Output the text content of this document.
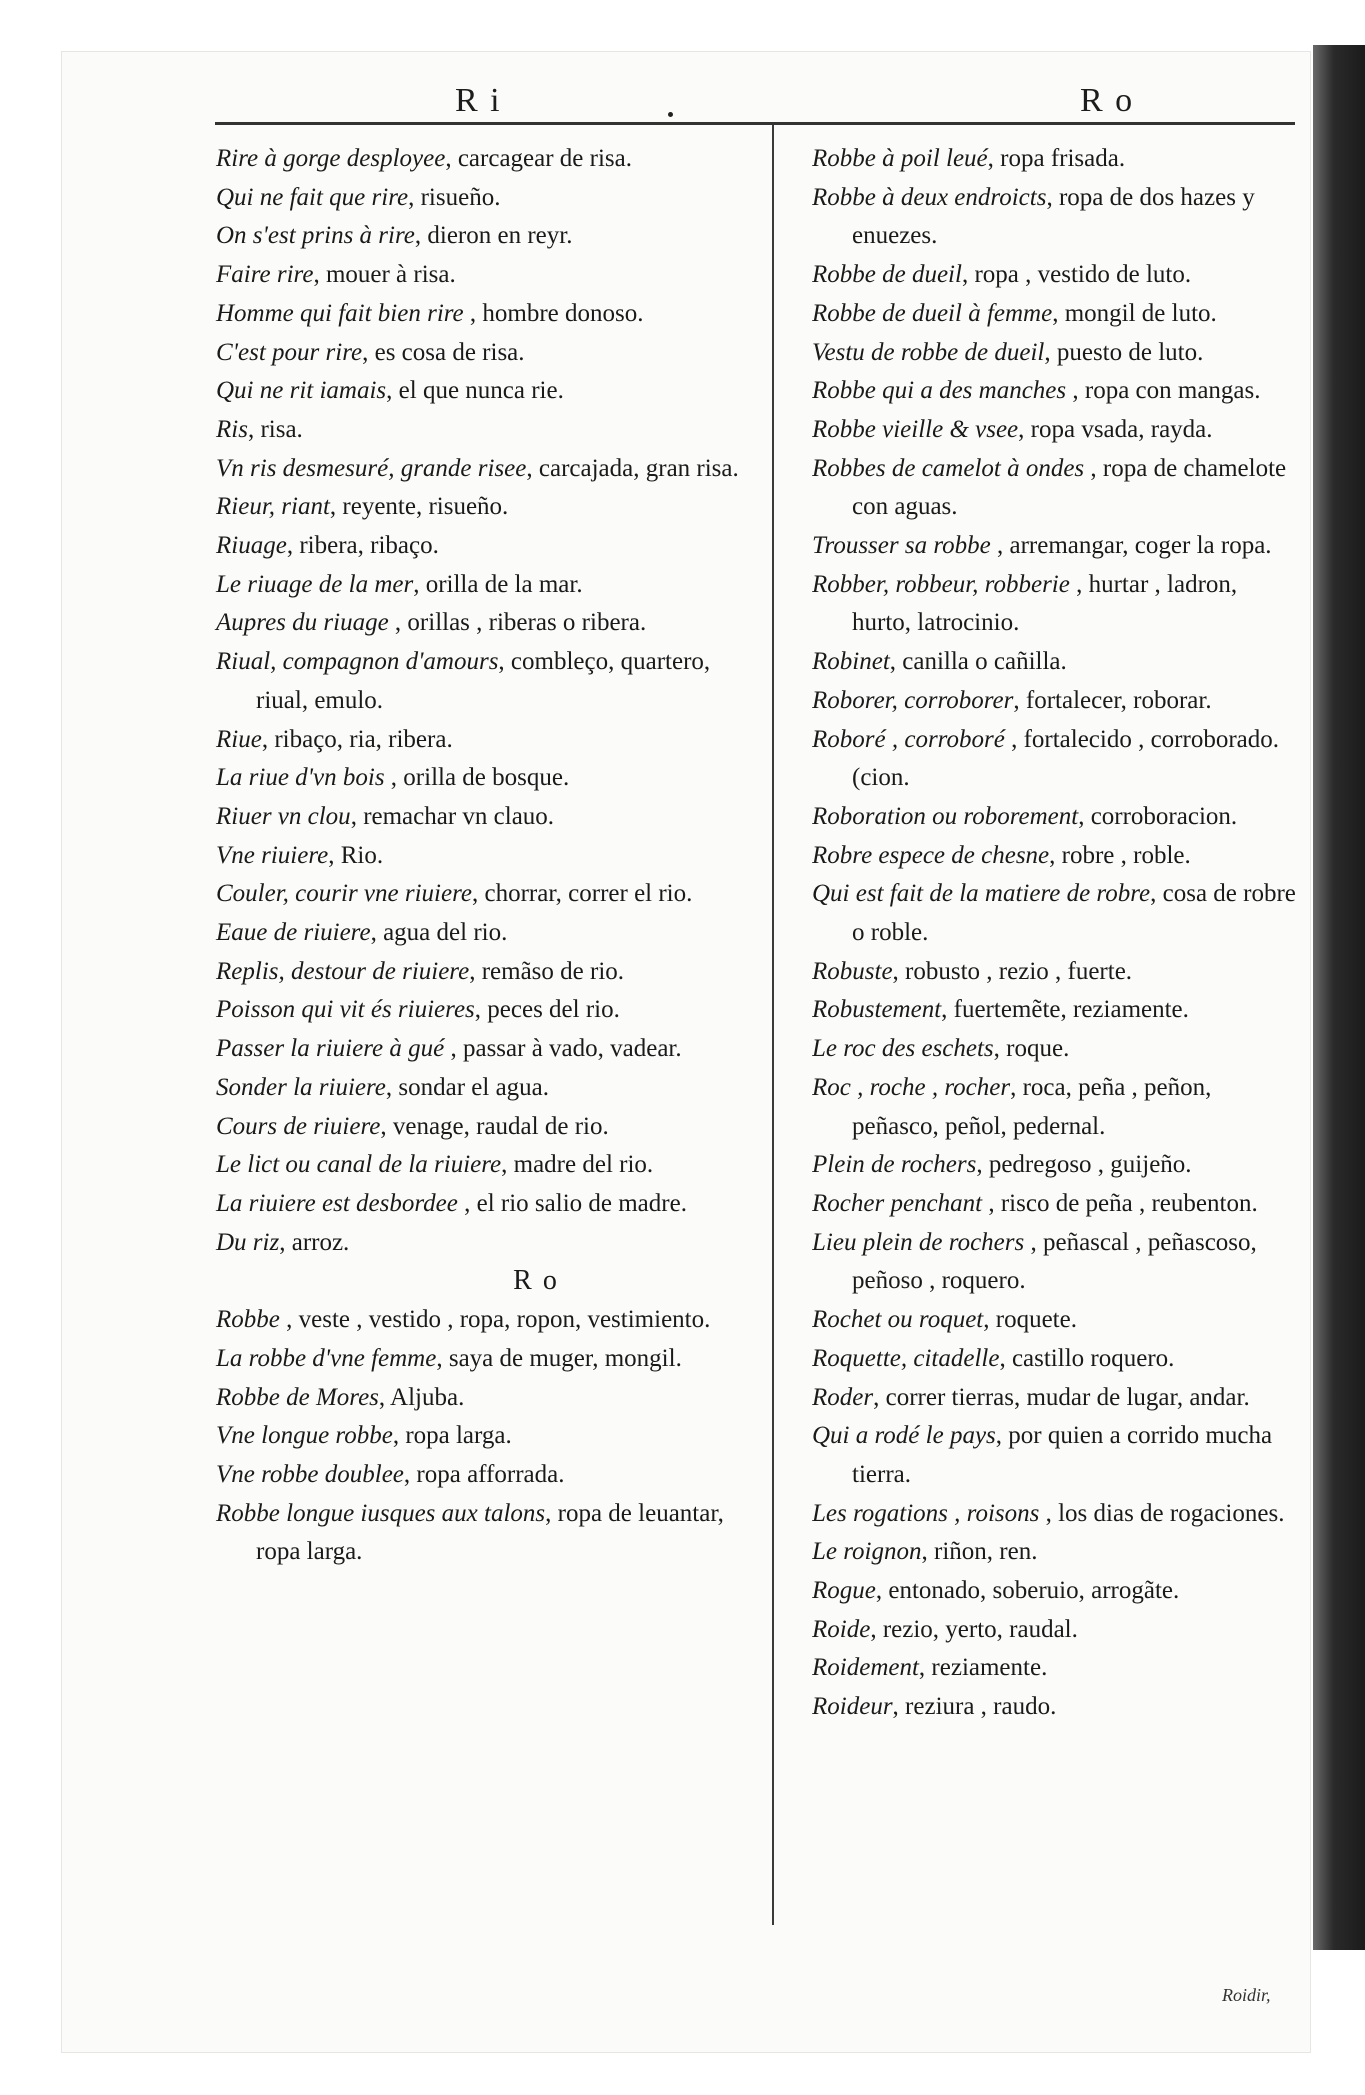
R i	R o

Rire à gorge desployee, carcagear de risa.

Qui ne fait que rire, risueño.

On s'est prins à rire, dieron en reyr.

Faire rire, mouer à risa.

Homme qui fait bien rire , hombre donoso.

C'est pour rire, es cosa de risa.

Qui ne rit iamais, el que nunca rie.

Ris, risa.

Vn ris desmesuré, grande risee, carcajada, gran risa.

Rieur, riant, reyente, risueño.

Riuage, ribera, ribaço.

Le riuage de la mer, orilla de la mar.

Aupres du riuage , orillas , riberas o ribera.

Riual, compagnon d'amours, combleço, quartero, riual, emulo.

Riue, ribaço, ria, ribera.

La riue d'vn bois , orilla de bosque.

Riuer vn clou, remachar vn clauo.

Vne riuiere, Rio.

Couler, courir vne riuiere, chorrar, correr el rio.

Eaue de riuiere, agua del rio.

Replis, destour de riuiere, remãso de rio.

Poisson qui vit és riuieres, peces del rio.

Passer la riuiere à gué , passar à vado, vadear.

Sonder la riuiere, sondar el agua.

Cours de riuiere, venage, raudal de rio.

Le lict ou canal de la riuiere, madre del rio.

La riuiere est desbordee , el rio salio de madre.

Du riz, arroz.

R o

Robbe , veste , vestido , ropa, ropon, vestimiento.

La robbe d'vne femme, saya de muger, mongil.

Robbe de Mores, Aljuba.

Vne longue robbe, ropa larga.

Vne robbe doublee, ropa afforrada.

Robbe longue iusques aux talons, ropa de leuantar, ropa larga.

Robbe à poil leué, ropa frisada.

Robbe à deux endroicts, ropa de dos hazes y enuezes.

Robbe de dueil, ropa , vestido de luto.

Robbe de dueil à femme, mongil de luto.

Vestu de robbe de dueil, puesto de luto.

Robbe qui a des manches , ropa con mangas.

Robbe vieille & vsee, ropa vsada, rayda.

Robbes de camelot à ondes , ropa de chamelote con aguas.

Trousser sa robbe , arremangar, coger la ropa.

Robber, robbeur, robberie , hurtar , ladron, hurto, latrocinio.

Robinet, canilla o cañilla.

Roborer, corroborer, fortalecer, roborar.

Roboré , corroboré , fortalecido , corroborado. (cion.

Roboration ou roborement, corroboracion.

Robre espece de chesne, robre , roble.

Qui est fait de la matiere de robre, cosa de robre o roble.

Robuste, robusto , rezio , fuerte.

Robustement, fuertemẽte, reziamente.

Le roc des eschets, roque.

Roc , roche , rocher, roca, peña , peñon, peñasco, peñol, pedernal.

Plein de rochers, pedregoso , guijeño.

Rocher penchant , risco de peña , reubenton.

Lieu plein de rochers , peñascal , peñascoso, peñoso , roquero.

Rochet ou roquet, roquete.

Roquette, citadelle, castillo roquero.

Roder, correr tierras, mudar de lugar, andar.

Qui a rodé le pays, por quien a corrido mucha tierra.

Les rogations , roisons , los dias de rogaciones.

Le roignon, riñon, ren.

Rogue, entonado, soberuio, arrogãte.

Roide, rezio, yerto, raudal.

Roidement, reziamente.

Roideur, reziura , raudo.

Roidir,
